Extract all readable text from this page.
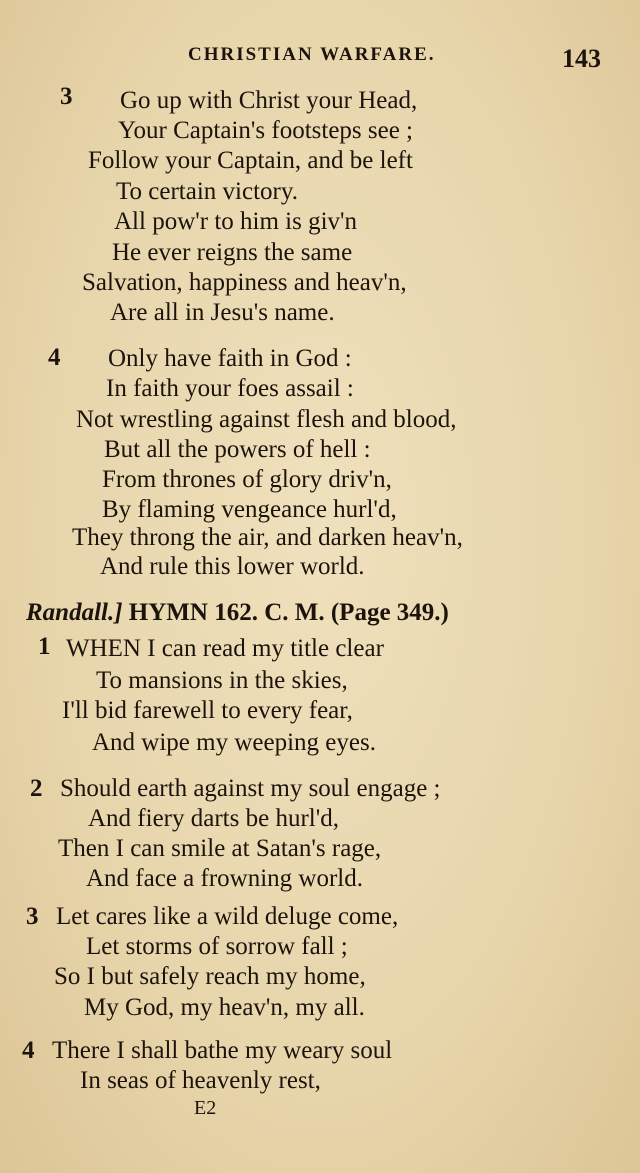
CHRISTIAN WARFARE.	143
3 Go up with Christ your Head,
Your Captain's footsteps see ;
Follow your Captain, and be left
To certain victory.
All pow'r to him is giv'n
He ever reigns the same
Salvation, happiness and heav'n,
Are all in Jesu's name.
4 Only have faith in God :
In faith your foes assail :
Not wrestling against flesh and blood,
But all the powers of hell :
From thrones of glory driv'n,
By flaming vengeance hurl'd,
They throng the air, and darken heav'n,
And rule this lower world.
Randall.] HYMN 162. C. M. (Page 349.)
1 WHEN I can read my title clear
To mansions in the skies,
I'll bid farewell to every fear,
And wipe my weeping eyes.
2 Should earth against my soul engage ;
And fiery darts be hurl'd,
Then I can smile at Satan's rage,
And face a frowning world.
3 Let cares like a wild deluge come,
Let storms of sorrow fall ;
So I but safely reach my home,
My God, my heav'n, my all.
4 There I shall bathe my weary soul
In seas of heavenly rest,
E2
